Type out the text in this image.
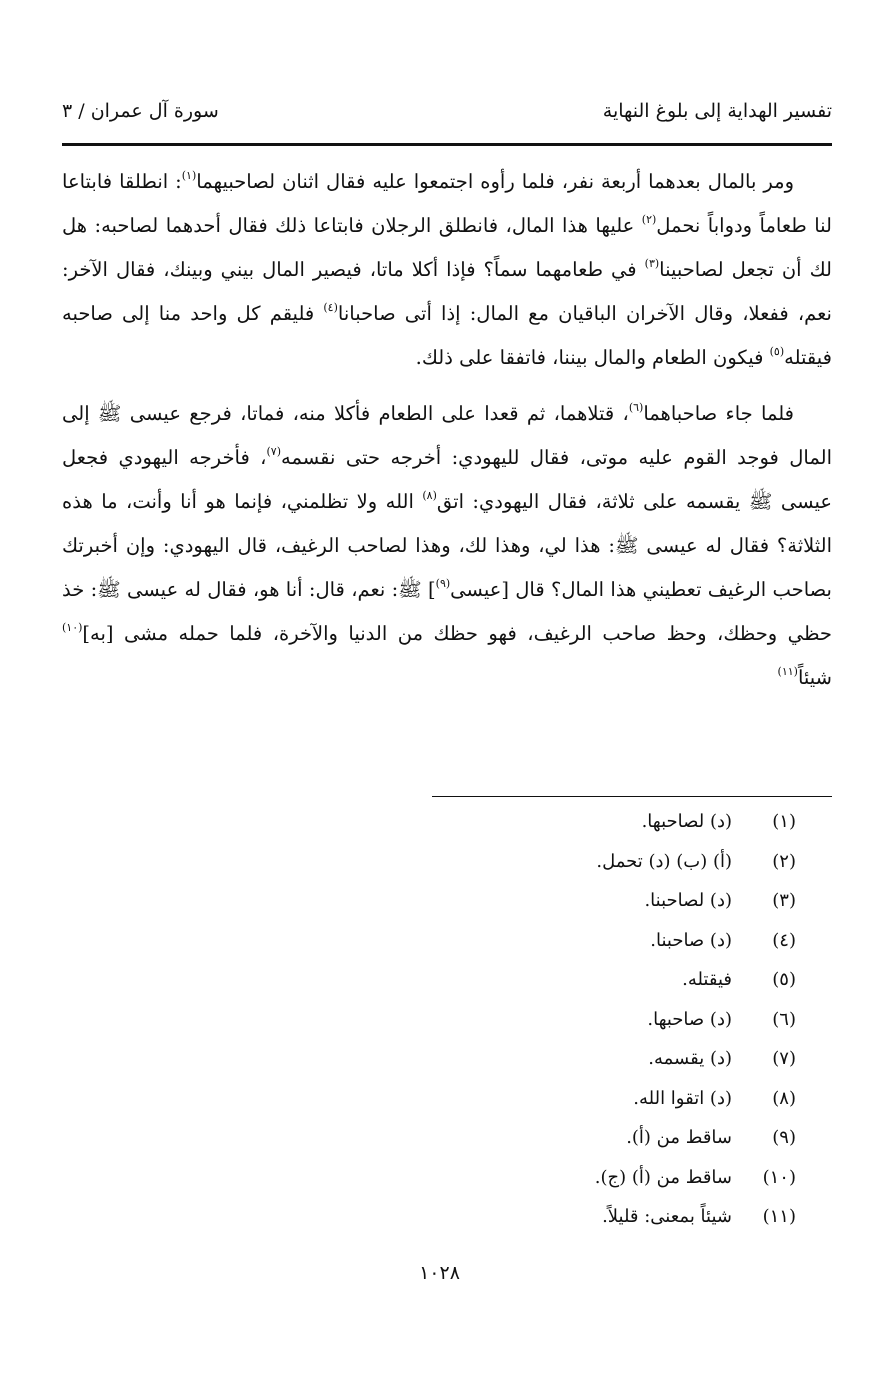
تفسير الهداية إلى بلوغ النهاية
سورة آل عمران / ٣

ومر بالمال بعدهما أربعة نفر، فلما رأوه اجتمعوا عليه فقال اثنان لصاحبيهما$^{(١)}$: انطلقا فابتاعا لنا طعاماً ودواباً نحمل$^{(٢)}$ عليها هذا المال، فانطلق الرجلان فابتاعا ذلك فقال أحدهما لصاحبه: هل لك أن تجعل لصاحبينا$^{(٣)}$ في طعامهما سماً؟ فإذا أكلا ماتا، فيصير المال بيني وبينك، فقال الآخر: نعم، ففعلا، وقال الآخران الباقيان مع المال: إذا أتى صاحبانا$^{(٤)}$ فليقم كل واحد منا إلى صاحبه فيقتله$^{(٥)}$ فيكون الطعام والمال بيننا، فاتفقا على ذلك.

فلما جاء صاحباهما$^{(٦)}$، قتلاهما، ثم قعدا على الطعام فأكلا منه، فماتا، فرجع عيسى ﷺ إلى المال فوجد القوم عليه موتى، فقال لليهودي: أخرجه حتى نقسمه$^{(٧)}$، فأخرجه اليهودي فجعل عيسى ﷺ يقسمه على ثلاثة، فقال اليهودي: اتق$^{(٨)}$ الله ولا تظلمني، فإنما هو أنا وأنت، ما هذه الثلاثة؟ فقال له عيسى ﷺ: هذا لي، وهذا لك، وهذا لصاحب الرغيف، قال اليهودي: وإن أخبرتك بصاحب الرغيف تعطيني هذا المال؟ قال [عيسى$^{(٩)}$] ﷺ: نعم، قال: أنا هو، فقال له عيسى ﷺ: خذ حظي وحظك، وحظ صاحب الرغيف، فهو حظك من الدنيا والآخرة، فلما حمله مشى [به]$^{(١٠)}$ شيئاً$^{(١١)}$

(١)
(د) لصاحبها.
(٢)
(أ) (ب) (د) تحمل.
(٣)
(د) لصاحبنا.
(٤)
(د) صاحبنا.
(٥)
فيقتله.
(٦)
(د) صاحبها.
(٧)
(د) يقسمه.
(٨)
(د) اتقوا الله.
(٩)
ساقط من (أ).
(١٠)
ساقط من (أ) (ج).
(١١)
شيئاً بمعنى: قليلاً.
١٠٢٨
